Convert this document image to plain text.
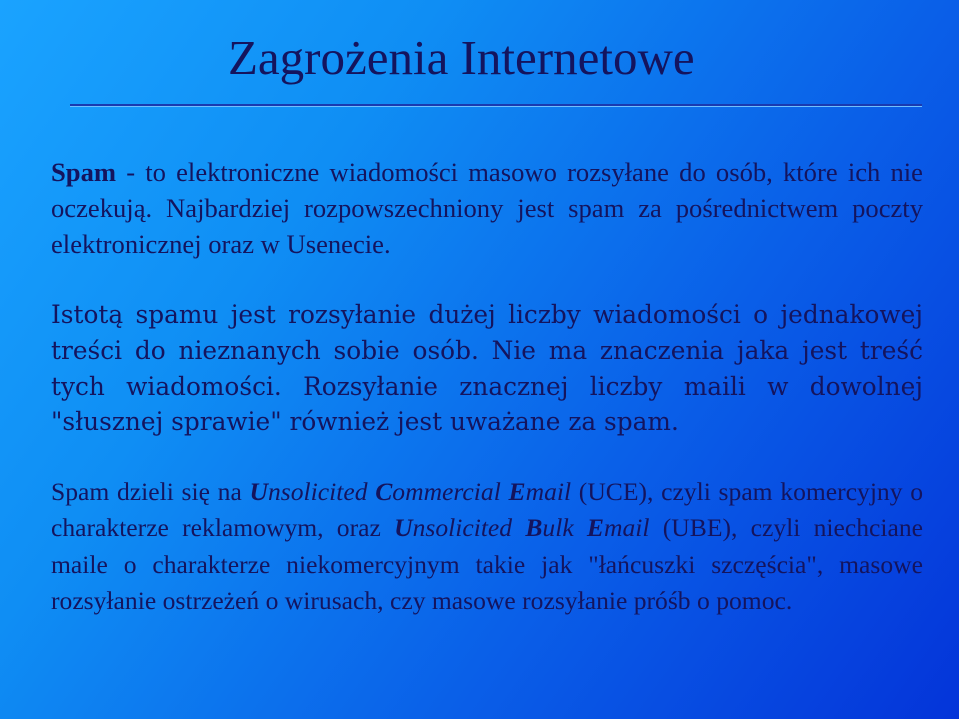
Zagrożenia Internetowe

Spam - to elektroniczne wiadomości masowo rozsyłane do osób, które ich nie oczekują. Najbardziej rozpowszechniony jest spam za pośrednictwem poczty elektronicznej oraz w Usenecie.

Istotą spamu jest rozsyłanie dużej liczby wiadomości o jednakowej treści do nieznanych sobie osób. Nie ma znaczenia jaka jest treść tych wiadomości. Rozsyłanie znacznej liczby maili w dowolnej "słusznej sprawie" również jest uważane za spam.

Spam dzieli się na Unsolicited Commercial Email (UCE), czyli spam komercyjny o charakterze reklamowym, oraz Unsolicited Bulk Email (UBE), czyli niechciane maile o charakterze niekomercyjnym takie jak "łańcuszki szczęścia", masowe rozsyłanie ostrzeżeń o wirusach, czy masowe rozsyłanie próśb o pomoc.
